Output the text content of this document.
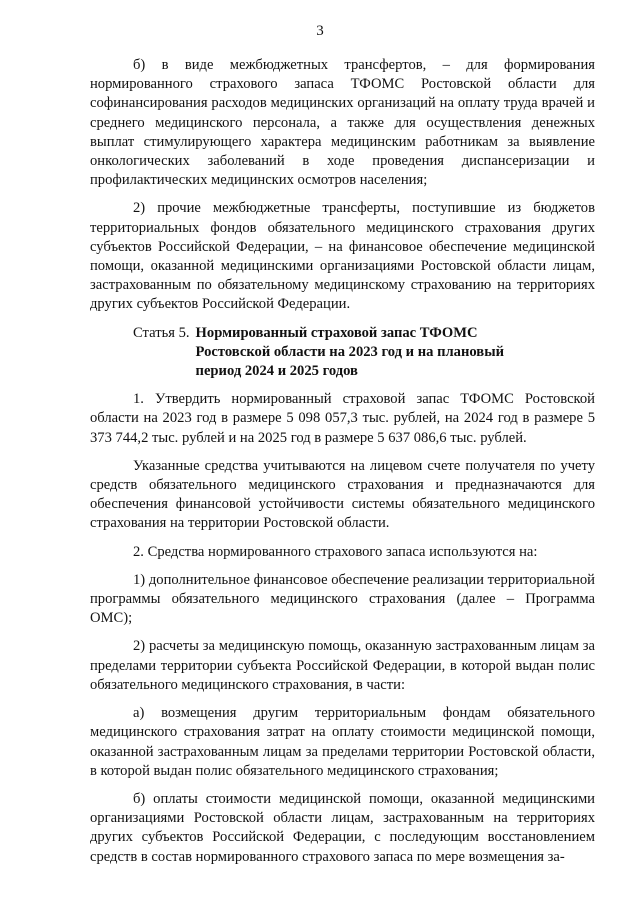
3

б) в виде межбюджетных трансфертов, – для формирования нормированного страхового запаса ТФОМС Ростовской области для софинансирования расходов медицинских организаций на оплату труда врачей и среднего медицинского персонала, а также для осуществления денежных выплат стимулирующего характера медицинским работникам за выявление онкологических заболеваний в ходе проведения диспансеризации и профилактических медицинских осмотров населения;

2) прочие межбюджетные трансферты, поступившие из бюджетов территориальных фондов обязательного медицинского страхования других субъектов Российской Федерации, – на финансовое обеспечение медицинской помощи, оказанной медицинскими организациями Ростовской области лицам, застрахованным по обязательному медицинскому страхованию на территориях других субъектов Российской Федерации.

Статья 5. Нормированный страховой запас ТФОМС Ростовской области на 2023 год и на плановый период 2024 и 2025 годов

1. Утвердить нормированный страховой запас ТФОМС Ростовской области на 2023 год в размере 5 098 057,3 тыс. рублей, на 2024 год в размере 5 373 744,2 тыс. рублей и на 2025 год в размере 5 637 086,6 тыс. рублей.

Указанные средства учитываются на лицевом счете получателя по учету средств обязательного медицинского страхования и предназначаются для обеспечения финансовой устойчивости системы обязательного медицинского страхования на территории Ростовской области.

2. Средства нормированного страхового запаса используются на:

1) дополнительное финансовое обеспечение реализации территориальной программы обязательного медицинского страхования (далее – Программа ОМС);

2) расчеты за медицинскую помощь, оказанную застрахованным лицам за пределами территории субъекта Российской Федерации, в которой выдан полис обязательного медицинского страхования, в части:

а) возмещения другим территориальным фондам обязательного медицинского страхования затрат на оплату стоимости медицинской помощи, оказанной застрахованным лицам за пределами территории Ростовской области, в которой выдан полис обязательного медицинского страхования;

б) оплаты стоимости медицинской помощи, оказанной медицинскими организациями Ростовской области лицам, застрахованным на территориях других субъектов Российской Федерации, с последующим восстановлением средств в состав нормированного страхового запаса по мере возмещения за-
